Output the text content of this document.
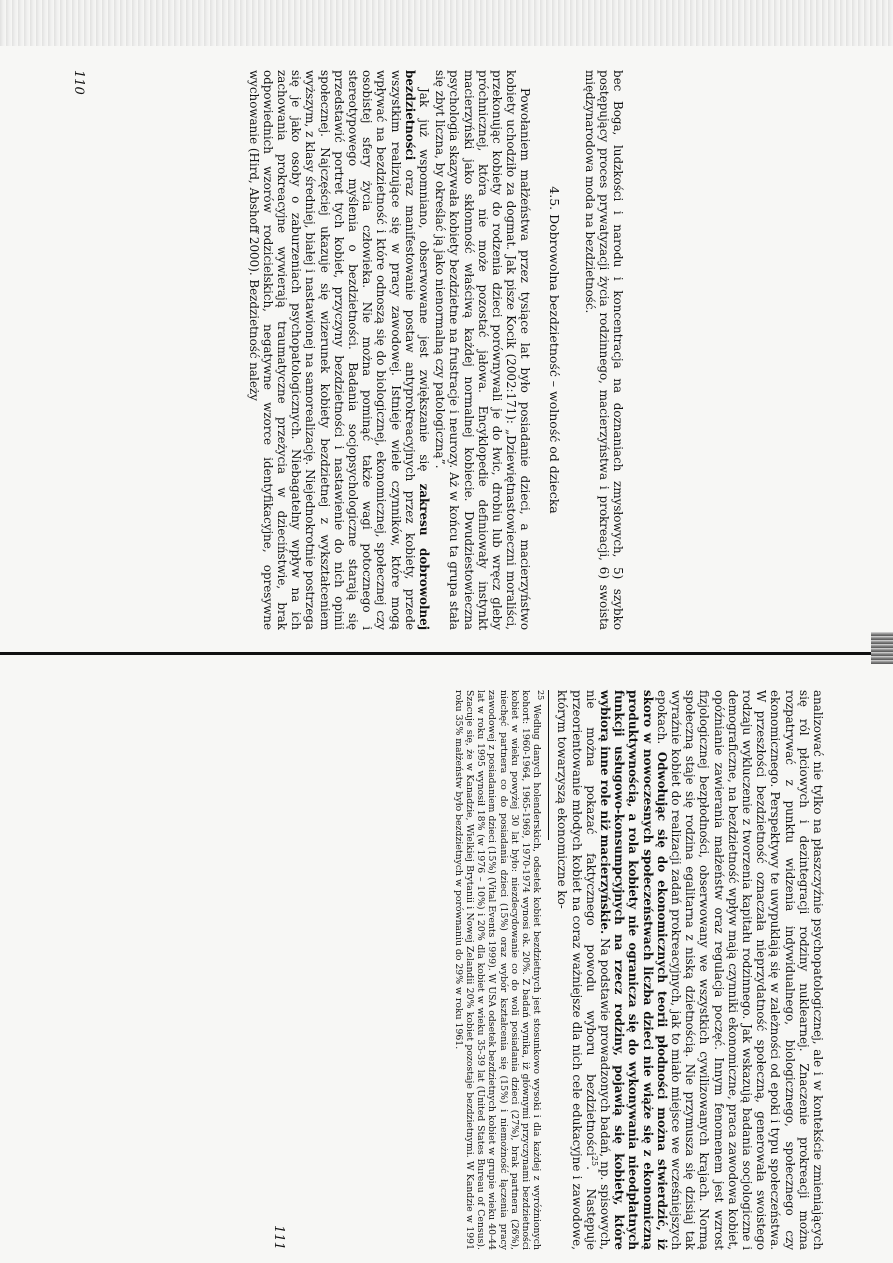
bec Boga, ludzkości i narodu i koncentracja na doznaniach zmysłowych, 5) szybko postępujący proces prywatyzacji życia rodzinnego, macierzyństwa i prokreacji, 6) swoista międzynarodowa moda na bezdzietność.

4.5. Dobrowolna bezdzietność – wolność od dziecka

Powołaniem małżeństwa przez tysiące lat było posiadanie dzieci, a macierzyństwo kobiety uchodziło za dogmat. Jak pisze Kocik (2002:171): „Dziewiętnastowieczni moraliści, przekonując kobiety do rodzenia dzieci porównywali je do łwic, drobiu lub wręcz gleby próchnicznej, która nie może pozostać jałowa. Encyklopedie definiowały instynkt macierzyński jako skłonność właściwą każdej normalnej kobiecie. Dwudziestowieczna psychologia skazywała kobiety bezdzietne na frustracje i neurozy. Aż w końcu ta grupa stała się zbyt liczna, by określać ją jako nienormalną czy patologiczną”.

Jak już wspomniano, obserwowane jest zwiększanie się zakresu dobrowolnej bezdzietności oraz manifestowanie postaw antyprokreacyjnych przez kobiety, przede wszystkim realizujące się w pracy zawodowej. Istnieje wiele czynników, które mogą wpływać na bezdzietność i które odnoszą się do biologicznej, ekonomicznej, społecznej czy osobistej sfery życia człowieka. Nie można pominąć także wagi potocznego i stereotypowego myślenia o bezdzietności. Badania socjopsychologiczne starają się przedstawić portret tych kobiet, przyczyny bezdzietności i nastawienie do nich opinii społecznej. Najczęściej ukazuje się wizerunek kobiety bezdzietnej z wykształceniem wyższym, z klasy średniej, białej i nastawionej na samorealizację. Niejednokrotnie postrzega się je jako osoby o zaburzeniach psychopatologicznych. Niebagatelny wpływ na ich zachowania prokreacyjne wywierają traumatyczne przeżycia w dzieciństwie, brak odpowiednich wzorów rodzicielskich, negatywne wzorce identyfikacyjne, opresywne wychowanie (Hird, Abshoff 2000). Bezdzietność należy

110

analizować nie tylko na płaszczyźnie psychopatologicznej, ale i w kontekście zmieniających się ról płciowych i dezintegracji rodziny nuklearnej. Znaczenie prokreacji można rozpatrywać z punktu widzenia indywidualnego, biologicznego, społecznego czy ekonomicznego. Perspektywy te uwypuklają się w zależności od epoki i typu społeczeństwa. W przeszłości bezdzietność oznaczała nieprzydatność społeczną, generowała swoistego rodzaju wykluczenie z tworzenia kapitału rodzinnego. Jak wskazują badania socjologiczne i demograficzne, na bezdzietność wpływ mają czynniki ekonomiczne, praca zawodowa kobiet, opóźnianie zawierania małżeństw oraz regulacja poczęć. Innym fenomenem jest wzrost fizjologicznej bezpłodności, obserwowany we wszystkich cywilizowanych krajach. Normą społeczną staje się rodzina egalitarna z niską dzietnością. Nie przymusza się dzisiaj tak wyraźnie kobiet do realizacji zadań prokreacyjnych, jak to miało miejsce we wcześniejszych epokach. Odwołując się do ekonomicznych teorii płodności można stwierdzić, iż skoro w nowoczesnych społeczeństwach liczba dzieci nie wiąże się z ekonomiczną produktywnością, a rola kobiety nie ogranicza się do wykonywania nieodpłatnych funkcji usługowo-konsumpcyjnych na rzecz rodziny, pojawią się kobiety, które wybiorą inne role niż macierzyńskie. Na podstawie prowadzonych badań, np. spisowych, nie można pokazać faktycznego powodu wyboru bezdzietności$^{25}$. Następuje przeorientowanie młodych kobiet na coraz ważniejsze dla nich cele edukacyjne i zawodowe, którym towarzyszą ekonomiczne ko-

$^{25}$ Według danych holenderskich, odsetek kobiet bezdzietnych jest stosunkowo wysoki i dla każdej z wyróżnionych kohort: 1960-1964, 1965-1969, 1970-1974 wynosi ok. 20%. Z badań wynika, iż głównymi przyczynami bezdzietności kobiet w wieku powyżej 30 lat było: niezdecydowanie co do woli posiadania dzieci (27%), brak partnera (26%), niechęć partnera co do posiadania dzieci (15%) oraz wybór kształcenia się (15%) i niemożność łączenia pracy zawodowej z posiadaniem dzieci (15%) (Vital Events 1999). W USA odsetek bezdzietnych kobiet w grupie wieku 40-44 lat w roku 1995 wynosił 18% (w 1976 – 10%) i 20% dla kobiet w wieku 35-39 lat (United States Bureau of Census). Szacuje się, że w Kanadzie, Wielkiej Brytanii i Nowej Zelandii 20% kobiet pozostaje bezdzietnymi. W Kandzie w 1991 roku 35% małżeństw było bezdzietnych w porównaniu do 29% w roku 1961.
111
